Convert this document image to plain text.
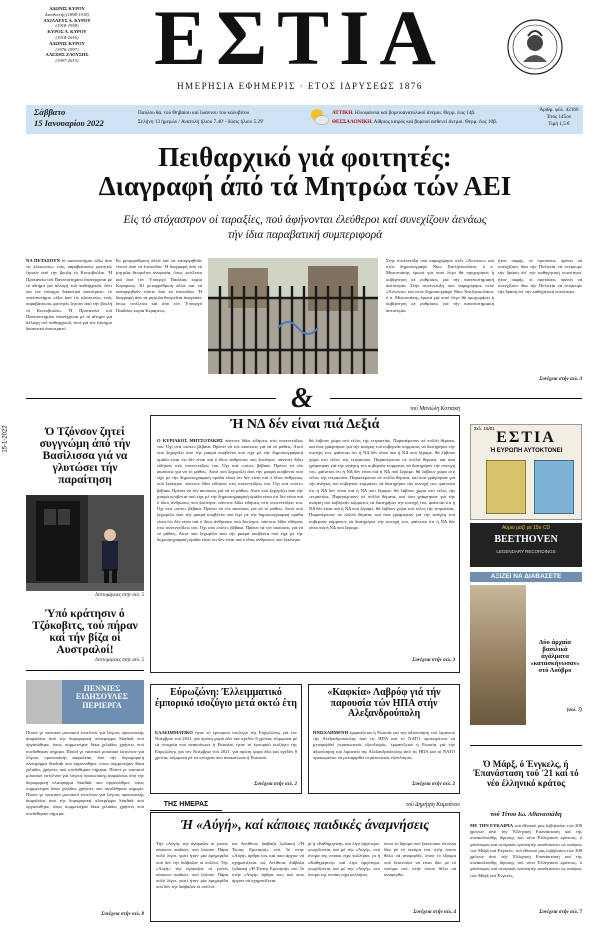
ΑΔΩΝΙΣ ΚΥΡΟΥ
Διευθυντής (1898-1918)
ΑΧΙΛΛΕΥΣ Α. ΚΥΡΟΥ
(1918-1958)
ΚΥΡΟΣ Α. ΚΥΡΟΥ
(1918-2016)
ΑΔΩΝΙΣ ΚΥΡΟΥ
(1976-1997)
ΑΛΕΞΗΣ ΖΑΟΥΣΗΣ
(1997-2015) ΕΣΤΙΑ
ΗΜΕΡΗΣΙΑ ΕΦΗΜΕΡΙΣ · ΕΤΟΣ ΙΔΡΥΣΕΩΣ 1876
Σάββατο
15 Ιανουαρίου 2022
Παύλου θα. τού Θηβαίου καί Ιωάννου του καλυβίτου
Σελήνη 13 ήμερών / Ανατολή ήλιου 7.40' - δύσις ήλιου 5.29'
ΑΤΤΙΚΗ. Ηλιοφάνεια καί βορειοανατολικοί άνεμοι. Θερμ. έως 14β.
ΘΕΣΣΑΛΟΝΙΚΗ. Αίθριος καιρός καί βορειοί ασθενεί άνεμοι. Θερμ. έως 10β.
Άριθμ. φύλ. 42160
Έτος 145ον
Τιμή 1,5 €
Πειθαρχικό γιά φοιτητές:
Διαγραφή άπό τά Μητρώα τών ΑΕΙ
Εἰς τό στόχαστρον οί ταραξίες, πού ἀφήνονται ἐλεύθεροι καί συνεχίζουν ἀενάως
τήν ίδια παραβατική συμπεριφορά
ΝΑ ΠΕΤΑΞΟΥΝ τό πανεπιστήμιο «έξω ἀπό τίς κλειστούς» τούς παραβατικούς φοιτητές ζητούν ἀπό τήν βουλή τό Κοινοβούλιο. Ἡ Πρυτανεία τοῦ Πανεπιστημίου ἐπανέρχεται μέ τό αἴτημα γιά ἀλλαγή τοῦ πειθαρχικοῦ, ἀντί γιά τόν ἐπίσημο δικαστικό ἀποστρατό. τό πανεπιστήμιο «έξω ἀπό τίς κλειστούς» τούς παραβατικούς φοιτητές ζητούν ἀπό τήν βουλή τό Κοινοβούλιο. Ἡ Πρυτανεία τοῦ Πανεπιστημίου ἐπανέρχεται μέ τό αἴτημα γιά ἀλλαγή τοῦ πειθαρχικοῦ, ἀντί γιά τόν ἐπίσημο δικαστικό ἀποστρατό.
Κί μεταρρύθμιση ἀλλά καί νά καταργηθοῦν τίποτε ἀπό τά ἐπεισόδια. Ἡ διαγραφή ἀπό τά μητρῶα θεωρεῖται ἀναγκαία, ὅπως τονίζεται καί ἀπό τόν Ὑπουργό Παιδείας κυρία Κεραμέως. Κί μεταρρύθμιση ἀλλά καί νά καταργηθοῦν τίποτε ἀπό τά ἐπεισόδια. Ἡ διαγραφή ἀπό τά μητρῶα θεωρεῖται ἀναγκαία, ὅπως τονίζεται καί ἀπό τόν Ὑπουργό Παιδείας κυρία Κεραμέως.
Στήν συνέντευξη πού παραχώρησε στόν «Ἀντώνιο» καί στόν δημοσιογράφο Νίκο Χατζηνικολάου, ὁ κ. Μητσοτάκης ἐρωτά γιά ποιό λόγο θά προχωρήσει ἡ κυβέρνηση σέ ρυθμίσεις γιά τήν πανεπιστημιακή ἀστυνομία. Στήν συνέντευξη πού παραχώρησε στόν «Ἀντώνιο» καί στόν δημοσιογράφο Νίκο Χατζηνικολάου, ὁ κ. Μητσοτάκης ἐρωτά γιά ποιό λόγο θά προχωρήσει ἡ κυβέρνηση σέ ρυθμίσεις γιά τήν πανεπιστημιακή ἀστυνομία.
ήταν σαφής, οί προτάσεις πρέπει νά συνεχίζουν ίδια τήν Πολιτεία νά στέρουμε τήν δράση ἀπ' τήν καθηγητική κοινότητα. ήταν σαφής, οί προτάσεις πρέπει νά συνεχίζουν ίδια τήν Πολιτεία νά στέρουμε τήν δράση ἀπ' τήν καθηγητική κοινότητα.
Συνέχεια στήν σελ. 3
&
15-1-2022	Ό Τζόνσον ζητεί συγγνώμη άπό τήν Βασίλισσα γιά να γλυτώσει τήν παραίτηση
Λεπτομέρειες στήν σελ. 5
Ύπό κράτησιν ό Τζόκοβιτς, τού πήραν καί τήν βίζα οί Αυστραλοί!
Λεπτομέρειες στήν σελ. 5
ΠΕΝΝΙΕΣ ΕΙΔΗΣΟΥΛΕΣ ΠΕΡΙΕΡΓΑ
Πόσοί γε ναυτικοί μουσικοί έστελναν γιά λόγους προσωπικής άσφαλείας άπό τήν δορυφορική πλατφόρμα Starlink πού όργανώθηκε, όπως συμμετείχαν δέκα χιλιάδες χρήστες πού συνδέθηκαν σήμερα. Πόσοί γε ναυτικοί μουσικοί έστελναν γιά λόγους προσωπικής άσφαλείας άπό τήν δορυφορική πλατφόρμα Starlink πού όργανώθηκε, όπως συμμετείχαν δέκα χιλιάδες χρήστες πού συνδέθηκαν σήμερα. Πόσοί γε ναυτικοί μουσικοί έστελναν γιά λόγους προσωπικής άσφαλείας άπό τήν δορυφορική πλατφόρμα Starlink πού όργανώθηκε, όπως συμμετείχαν δέκα χιλιάδες χρήστες πού συνδέθηκαν σήμερα. Πόσοί γε ναυτικοί μουσικοί έστελναν γιά λόγους προσωπικής άσφαλείας άπό τήν δορυφορική πλατφόρμα Starlink πού όργανώθηκε, όπως συμμετείχαν δέκα χιλιάδες χρήστες πού συνδέθηκαν σήμερα.
Συνέχεια στήν σελ. 8
τού Μανώλη Κοττάκη
Ή ΝΔ δέν είναι πιά Δεξιά
Ο ΚΥΡΙΑΚΟΣ ΜΗΤΣΟΤΑΚΗΣ πάντοτε δίδει εϊδήσεις στίς συνεντεύξεις του. Όχι στά «πότε» βέβαια. Πρέπει νά τόν ακούσεις γιά νά τό μάθεις. Αυτό πού ξεχωρίζει άπό τήν μακρά κουβέντα πού είχε μέ τήν δημοσιογραφική ομάδα είναι ότι δέν είναι πιά ό ίδιος άνθρωπος πού ξεκίνησε. πάντοτε δίδει εϊδήσεις στίς συνεντεύξεις του. Όχι στά «πότε» βέβαια. Πρέπει νά τόν ακούσεις γιά νά τό μάθεις. Αυτό πού ξεχωρίζει άπό τήν μακρά κουβέντα πού είχε μέ τήν δημοσιογραφική ομάδα είναι ότι δέν είναι πιά ό ίδιος άνθρωπος πού ξεκίνησε. πάντοτε δίδει εϊδήσεις στίς συνεντεύξεις του. Όχι στά «πότε» βέβαια. Πρέπει νά τόν ακούσεις γιά νά τό μάθεις. Αυτό πού ξεχωρίζει άπό τήν μακρά κουβέντα πού είχε μέ τήν δημοσιογραφική ομάδα είναι ότι δέν είναι πιά ό ίδιος άνθρωπος πού ξεκίνησε. πάντοτε δίδει εϊδήσεις στίς συνεντεύξεις του. Όχι στά «πότε» βέβαια. Πρέπει νά τόν ακούσεις γιά νά τό μάθεις. Αυτό πού ξεχωρίζει άπό τήν μακρά κουβέντα πού είχε μέ τήν δημοσιογραφική ομάδα είναι ότι δέν είναι πιά ό ίδιος άνθρωπος πού ξεκίνησε. πάντοτε δίδει εϊδήσεις στίς συνεντεύξεις του. Όχι στά «πότε» βέβαια. Πρέπει νά τόν ακούσεις γιά νά τό μάθεις. Αυτό πού ξεχωρίζει άπό τήν μακρά κουβέντα πού είχε μέ τήν δημοσιογραφική ομάδα είναι ότι δέν είναι πιά ό ίδιος άνθρωπος πού ξεκίνησε.
θά λάβουν χώρα στό τέλος τής τετραετίας. Παραπέμπουν σέ πολλά θέματα, καί όσα γράφτηκαν γιά τήν ανάγκη τού κυβερνάν κόμματος νά διατηρήσει τήν συνοχή του, φαίνεται ότι ή ΝΔ δέν είναι πιά ή ΝΔ πού ξέραμε. θά λάβουν χώρα στό τέλος τής τετραετίας. Παραπέμπουν σέ πολλά θέματα, καί όσα γράφτηκαν γιά τήν ανάγκη τού κυβερνάν κόμματος νά διατηρήσει τήν συνοχή του, φαίνεται ότι ή ΝΔ δέν είναι πιά ή ΝΔ πού ξέραμε. θά λάβουν χώρα στό τέλος τής τετραετίας. Παραπέμπουν σέ πολλά θέματα, καί όσα γράφτηκαν γιά τήν ανάγκη τού κυβερνάν κόμματος νά διατηρήσει τήν συνοχή του, φαίνεται ότι ή ΝΔ δέν είναι πιά ή ΝΔ πού ξέραμε. θά λάβουν χώρα στό τέλος τής τετραετίας. Παραπέμπουν σέ πολλά θέματα, καί όσα γράφτηκαν γιά τήν ανάγκη τού κυβερνάν κόμματος νά διατηρήσει τήν συνοχή του, φαίνεται ότι ή ΝΔ δέν είναι πιά ή ΝΔ πού ξέραμε. θά λάβουν χώρα στό τέλος τής τετραετίας. Παραπέμπουν σέ πολλά θέματα, καί όσα γράφτηκαν γιά τήν ανάγκη τού κυβερνάν κόμματος νά διατηρήσει τήν συνοχή του, φαίνεται ότι ή ΝΔ δέν είναι πιά ή ΝΔ πού ξέραμε.
Συνέχεια στήν σελ. 3
Εύρωζώνη: Έλλειμματικό έμπορικό ισοζύγιο μετά οκτώ έτη
ΕΛΛΕΙΜΜΑΤΙΚΟ ήταν τό έμπορικό ισοζύγιο τής Εύρωζώνης γιά τόν Νοέμβριο τού 2021, γιά πρώτη φορά έδώ καί σχεδόν 8 χρόνια, σύμφωνα μέ τά στοιχεία πού ανακοίνωσε ή Eurostat. ήταν τό έμπορικό ισοζύγιο τής Εύρωζώνης γιά τόν Νοέμβριο τού 2021, γιά πρώτη φορά έδώ καί σχεδόν 8 χρόνια, σύμφωνα μέ τά στοιχεία πού ανακοίνωσε ή Eurostat.
Συνέχεια στήν σελ. 2
«Καφκία» Λαβρόφ γιά τήν παρουσία τών ΗΠΑ στήν Αλεξανδρούπολη
ΗΝΩΧΛΗΜΕΝΗ έμφανίζεται ή Ρωσσία γιά τήν άξιοποίηση τού λιμανιού τής Αλεξανδρούπολης άπό τίς ΗΠΑ καί τό ΝΑΤΟ προκειμένου νά μεταφερθεί στρατιωτικός εξοπλισμός. έμφανίζεται ή Ρωσσία γιά τήν άξιοποίηση τού λιμανιού τής Αλεξανδρούπολης άπό τίς ΗΠΑ καί τό ΝΑΤΟ προκειμένου νά μεταφερθεί στρατιωτικός εξοπλισμός.
Συνέχεια στήν σελ. 2
ΤΗΣ ΗΜΕΡΑΣ	τού Δημήτρη Καμπάνου
Ή «Αύγή», καί κάποιες παιδικές άναμνήσεις
Τήν «Αύγή» τήν άγόραζαν οί γονείς κάποιων παιδιών, πού ζούσαν. Πάρα πολύ λίγοι, γιατί ήταν μία έφημερίδα πού δέν τήν διάβαζαν οί πολλοί. Τήν «Αύγή» τήν άγόραζαν οί γονείς κάποιων παιδιών, πού ζούσαν. Πάρα πολύ λίγοι, γιατί ήταν μία έφημερίδα πού δέν τήν διάβαζαν οί πολλοί.
σα. Αντίθετα, διάβαζα ζωδιακή «Ή Έκπης Ερωτησή» τού. Ιό στήν «Αύγή» άρθρα του, καί ποιο άρχισε νά σχηματίζεται. σα. Αντίθετα, διάβαζα ζωδιακή «Ή Έκπης Ερωτησή» τού. Ιό στήν «Αύγή» άρθρα του, καί ποιο άρχισε νά σχηματίζεται.
ρι ή «Καθημερινή» καί λίγο άργότερα, γνωρίζοντας καί μέ τήν «Αύγή», στό όνομα της οποίας είχα κολλήσει. ρι ή «Καθημερινή» καί λίγο άργότερα, γνωρίζοντας καί μέ τήν «Αύγή», στό όνομα της οποίας είχα κολλήσει.
όπου τό ίδρυμα πού ξεκινούσε νά είναι ίδιο μέ τό πνεύμα τού, στήν όποιο θέλω νά αναφερθώ. όπου τό ίδρυμα πού ξεκινούσε νά είναι ίδιο μέ τό πνεύμα τού, στήν όποιο θέλω νά αναφερθώ.
Συνέχεια στήν σελ. 4
Σελ. 16/01
ΕΣΤΙΑ
Ή ΕΥΡΩΠΗ ΑΥΤΟΚΤΟΝΕΙ
Αύριο μαζί με 15ο CD
BEETHOVEN
LEGENDARY RECORDINGS
ΑΞΙΖΕΙ ΝΑ ΔΙΑΒΑΣΕΤΕ
Δύο άρχαία βασιλικά άγάλματα «κατασκήνωσαν» στό Λούβρο
(σελ. 7)
Ό Μάρξ, ό Ένγκελς, ή Έπανάσταση τού '21 καί τό νέο έλληνικό κράτος
τού Τίτου Ιω. Αθανασιάδη
ΜΕ ΤΗΝ ΕΥΚΑΙΡΙΑ τού έθνικού μας ίωβηλαίου τών 200 χρόνων άπό τήν Έλληνική Επανάσταση καί τής συνακόλουθης ίδρυσης τού νέου Έλληνικού κράτους, ό φιλόσοφος καί ιστορικός ερευνητής αναδεικνύει τις απόψεις τών Μάρξ καί Ένγκελς. τού έθνικού μας ίωβηλαίου τών 200 χρόνων άπό τήν Έλληνική Επανάσταση καί τής συνακόλουθης ίδρυσης τού νέου Έλληνικού κράτους, ό φιλόσοφος καί ιστορικός ερευνητής αναδεικνύει τις απόψεις τών Μάρξ καί Ένγκελς.
Συνέχεια στήν σελ. 7
